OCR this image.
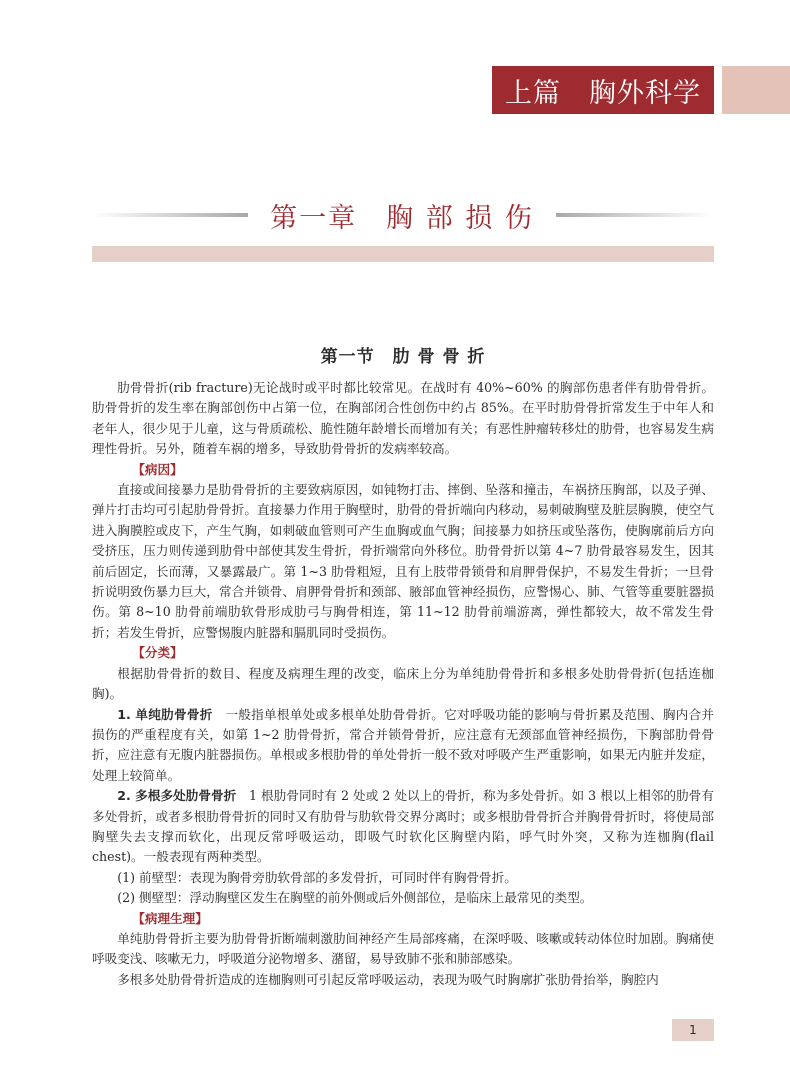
上篇　胸外科学
第一章　胸 部 损 伤
第一节　肋 骨 骨 折

肋骨骨折(rib fracture)无论战时或平时都比较常见。在战时有 40%~60% 的胸部伤患者伴有肋骨骨折。肋骨骨折的发生率在胸部创伤中占第一位，在胸部闭合性创伤中约占 85%。在平时肋骨骨折常发生于中年人和老年人，很少见于儿童，这与骨质疏松、脆性随年龄增长而增加有关；有恶性肿瘤转移灶的肋骨，也容易发生病理性骨折。另外，随着车祸的增多，导致肋骨骨折的发病率较高。

【病因】

直接或间接暴力是肋骨骨折的主要致病原因，如钝物打击、摔倒、坠落和撞击，车祸挤压胸部，以及子弹、弹片打击均可引起肋骨骨折。直接暴力作用于胸壁时，肋骨的骨折端向内移动，易刺破胸壁及脏层胸膜，使空气进入胸膜腔或皮下，产生气胸，如刺破血管则可产生血胸或血气胸；间接暴力如挤压或坠落伤，使胸廓前后方向受挤压，压力则传递到肋骨中部使其发生骨折，骨折端常向外移位。肋骨骨折以第 4~7 肋骨最容易发生，因其前后固定，长而薄，又暴露最广。第 1~3 肋骨粗短，且有上肢带骨锁骨和肩胛骨保护，不易发生骨折；一旦骨折说明致伤暴力巨大，常合并锁骨、肩胛骨骨折和颈部、腋部血管神经损伤，应警惕心、肺、气管等重要脏器损伤。第 8~10 肋骨前端肋软骨形成肋弓与胸骨相连，第 11~12 肋骨前端游离，弹性都较大，故不常发生骨折；若发生骨折，应警惕腹内脏器和膈肌同时受损伤。

【分类】

根据肋骨骨折的数目、程度及病理生理的改变，临床上分为单纯肋骨骨折和多根多处肋骨骨折(包括连枷胸)。

1. 单纯肋骨骨折　一般指单根单处或多根单处肋骨骨折。它对呼吸功能的影响与骨折累及范围、胸内合并损伤的严重程度有关，如第 1~2 肋骨骨折，常合并锁骨骨折，应注意有无颈部血管神经损伤，下胸部肋骨骨折，应注意有无腹内脏器损伤。单根或多根肋骨的单处骨折一般不致对呼吸产生严重影响，如果无内脏并发症，处理上较简单。

2. 多根多处肋骨骨折　1 根肋骨同时有 2 处或 2 处以上的骨折，称为多处骨折。如 3 根以上相邻的肋骨有多处骨折，或者多根肋骨骨折的同时又有肋骨与肋软骨交界分离时；或多根肋骨骨折合并胸骨骨折时，将使局部胸壁失去支撑而软化，出现反常呼吸运动，即吸气时软化区胸壁内陷，呼气时外突，又称为连枷胸(flail chest)。一般表现有两种类型。

(1) 前壁型：表现为胸骨旁肋软骨部的多发骨折，可同时伴有胸骨骨折。

(2) 侧壁型：浮动胸壁区发生在胸壁的前外侧或后外侧部位，是临床上最常见的类型。

【病理生理】

单纯肋骨骨折主要为肋骨骨折断端刺激肋间神经产生局部疼痛，在深呼吸、咳嗽或转动体位时加剧。胸痛使呼吸变浅、咳嗽无力，呼吸道分泌物增多、潴留，易导致肺不张和肺部感染。

多根多处肋骨骨折造成的连枷胸则可引起反常呼吸运动，表现为吸气时胸廓扩张肋骨抬举，胸腔内

1
